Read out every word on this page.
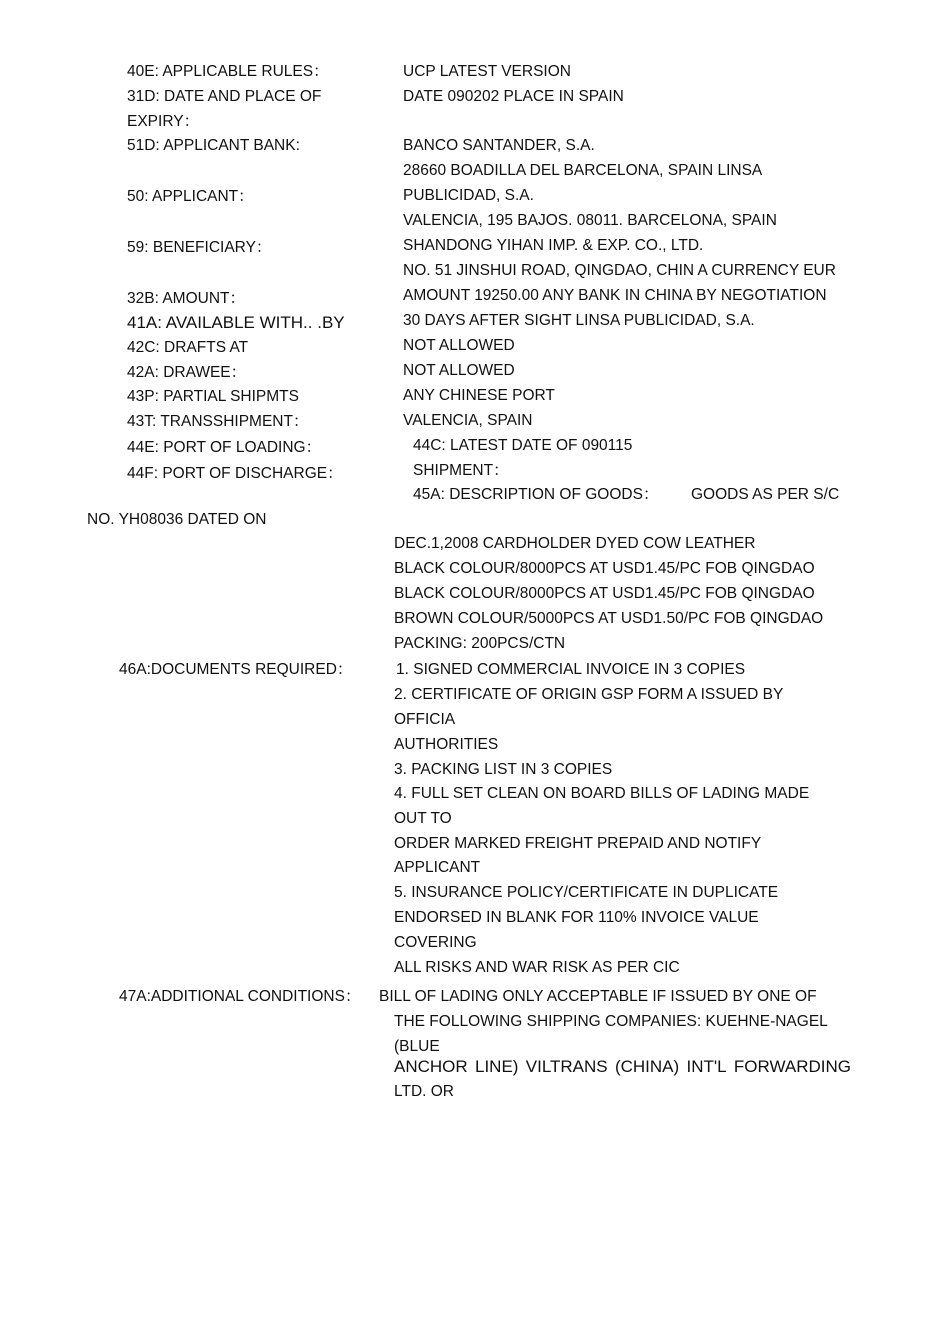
40E: APPLICABLE RULES：
31D: DATE AND PLACE OF
EXPIRY：
51D: APPLICANT BANK:
50: APPLICANT：
59: BENEFICIARY：
32B: AMOUNT：
41A: AVAILABLE WITH.. .BY
42C: DRAFTS AT
42A: DRAWEE：
43P: PARTIAL SHIPMTS
43T: TRANSSHIPMENT：
44E: PORT OF LOADING：
44F: PORT OF DISCHARGE：
UCP LATEST VERSION
DATE 090202 PLACE IN SPAIN
BANCO SANTANDER, S.A.
28660 BOADILLA DEL BARCELONA, SPAIN LINSA
PUBLICIDAD, S.A.
VALENCIA, 195 BAJOS. 08011. BARCELONA, SPAIN
SHANDONG YIHAN IMP. & EXP. CO., LTD.
NO. 51 JINSHUI ROAD, QINGDAO, CHIN A CURRENCY EUR
AMOUNT 19250.00 ANY BANK IN CHINA BY NEGOTIATION
30 DAYS AFTER SIGHT LINSA PUBLICIDAD, S.A.
NOT ALLOWED
NOT ALLOWED
ANY CHINESE PORT
VALENCIA, SPAIN
44C: LATEST DATE OF 090115
SHIPMENT：
45A: DESCRIPTION OF GOODS： GOODS AS PER S/C
NO. YH08036 DATED ON
DEC.1,2008 CARDHOLDER DYED COW LEATHER
BLACK COLOUR/8000PCS AT USD1.45/PC FOB QINGDAO
BLACK COLOUR/8000PCS AT USD1.45/PC FOB QINGDAO
BROWN COLOUR/5000PCS AT USD1.50/PC FOB QINGDAO
PACKING: 200PCS/CTN
46A:DOCUMENTS REQUIRED：	1. SIGNED COMMERCIAL INVOICE IN 3 COPIES
2. CERTIFICATE OF ORIGIN GSP FORM A ISSUED BY
OFFICIA
AUTHORITIES
3. PACKING LIST IN 3 COPIES
4. FULL SET CLEAN ON BOARD BILLS OF LADING MADE
OUT TO
ORDER MARKED FREIGHT PREPAID AND NOTIFY
APPLICANT
5. INSURANCE POLICY/CERTIFICATE IN DUPLICATE
ENDORSED IN BLANK FOR 110% INVOICE VALUE
COVERING
ALL RISKS AND WAR RISK AS PER CIC
47A:ADDITIONAL CONDITIONS： BILL OF LADING ONLY ACCEPTABLE IF ISSUED BY ONE OF
THE FOLLOWING SHIPPING COMPANIES: KUEHNE-NAGEL
(BLUE
ANCHOR LINE) VILTRANS (CHINA) INT'L FORWARDING
LTD. OR
